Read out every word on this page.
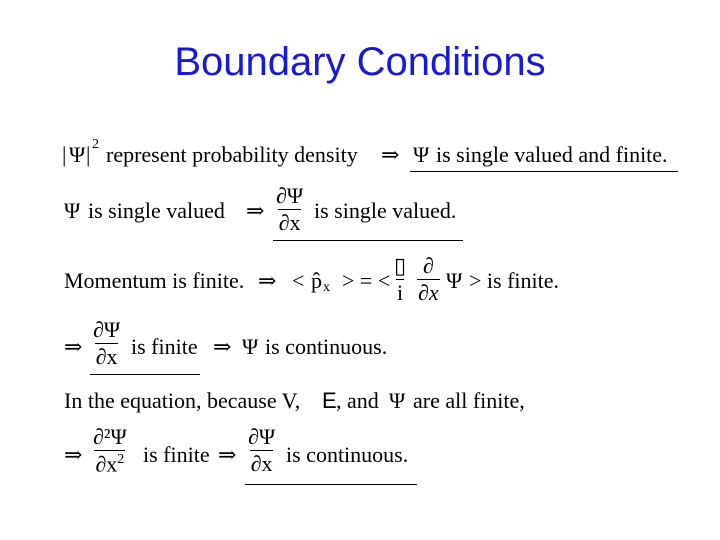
Boundary Conditions
| Ψ | 2 represent probability density ⇒ Ψ is single valued and finite.
Ψ is single valued ⇒ $\frac{\partial\Psi}{\partial x}$ is single valued.
Momentum is finite. ⇒ < p̂ x > = <
▯
i
∂
∂x Ψ > is finite.
⇒ $\frac{\partial\Psi}{\partial x}$ is finite ⇒ Ψ is continuous.
In the equation, because V, E , and Ψ are all finite,
⇒ $\frac{\text{∂²Ψ}}{\partial x^2}$ is finite ⇒ $\frac{\partial\Psi}{\partial x}$ is continuous.
